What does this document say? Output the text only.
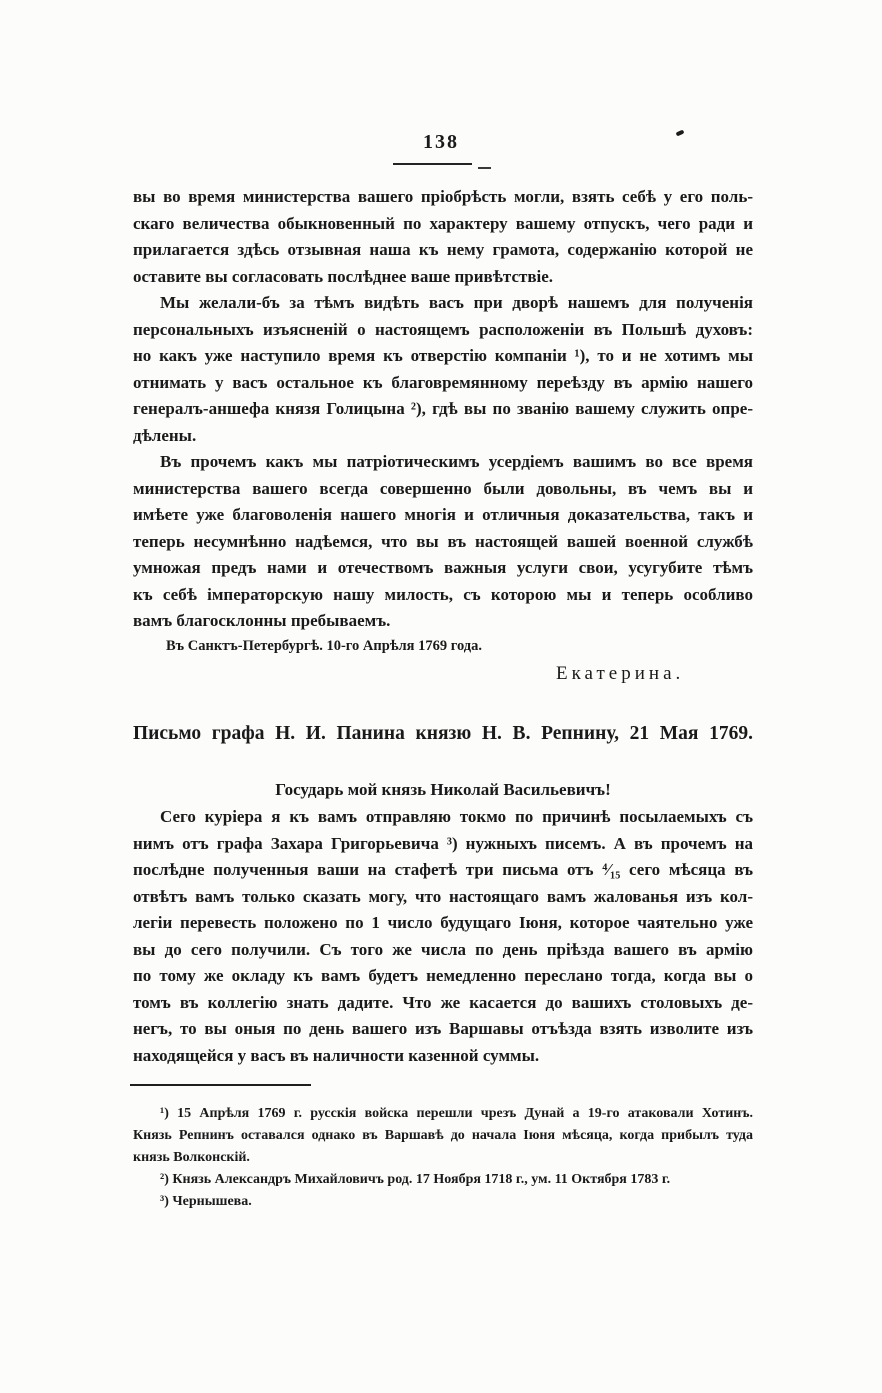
138

вы во время министерства вашего пріобрѣсть могли, взять себѣ у его поль-
скаго величества обыкновенный по характеру вашему отпускъ, чего ради и
прилагается здѣсь отзывная наша къ нему грамота, содержанію которой не
оставите вы согласовать послѣднее ваше привѣтствіе.

Мы желали-бъ за тѣмъ видѣть васъ при дворѣ нашемъ для полученія
персональныхъ изъясненій о настоящемъ расположеніи въ Польшѣ духовъ:
но какъ уже наступило время къ отверстію компаніи ¹), то и не хотимъ мы
отнимать у васъ остальное къ благовремянному переѣзду въ армію нашего
генералъ-аншефа князя Голицына ²), гдѣ вы по званію вашему служить опре-
дѣлены.

Въ прочемъ какъ мы патріотическимъ усердіемъ вашимъ во все время
министерства вашего всегда совершенно были довольны, въ чемъ вы и
имѣете уже благоволенія нашего многія и отличныя доказательства, такъ и
теперь несумнѣнно надѣемся, что вы въ настоящей вашей военной службѣ
умножая предъ нами и отечествомъ важныя услуги свои, усугубите тѣмъ
къ себѣ імператорскую нашу милость, съ которою мы и теперь особливо
вамъ благосклонны пребываемъ.

Въ Санктъ-Петербургѣ. 10-го Апрѣля 1769 года.
Екатерина.
Письмо графа Н. И. Панина князю Н. В. Репнину, 21 Мая 1769.
Государь мой князь Николай Васильевичъ!

Сего куріера я къ вамъ отправляю токмо по причинѣ посылаемыхъ съ
нимъ отъ графа Захара Григорьевича ³) нужныхъ писемъ. А въ прочемъ на
послѣдне полученныя ваши на стафетѣ три письма отъ ⁴⁄₁₅ сего мѣсяца въ
отвѣтъ вамъ только сказать могу, что настоящаго вамъ жалованья изъ кол-
легіи перевесть положено по 1 число будущаго Іюня, которое чаятельно уже
вы до сего получили. Съ того же числа по день пріѣзда вашего въ армію
по тому же окладу къ вамъ будетъ немедленно переслано тогда, когда вы о
томъ въ коллегію знать дадите. Что же касается до вашихъ столовыхъ де-
негъ, то вы оныя по день вашего изъ Варшавы отъѣзда взять изволите изъ
находящейся у васъ въ наличности казенной суммы.

¹) 15 Апрѣля 1769 г. русскія войска перешли чрезъ Дунай а 19-го атаковали Хотинъ.
Князь Репнинъ оставался однако въ Варшавѣ до начала Іюня мѣсяца, когда прибылъ туда
князь Волконскій.

²) Князь Александръ Михайловичъ род. 17 Ноября 1718 г., ум. 11 Октября 1783 г.

³) Чернышева.
